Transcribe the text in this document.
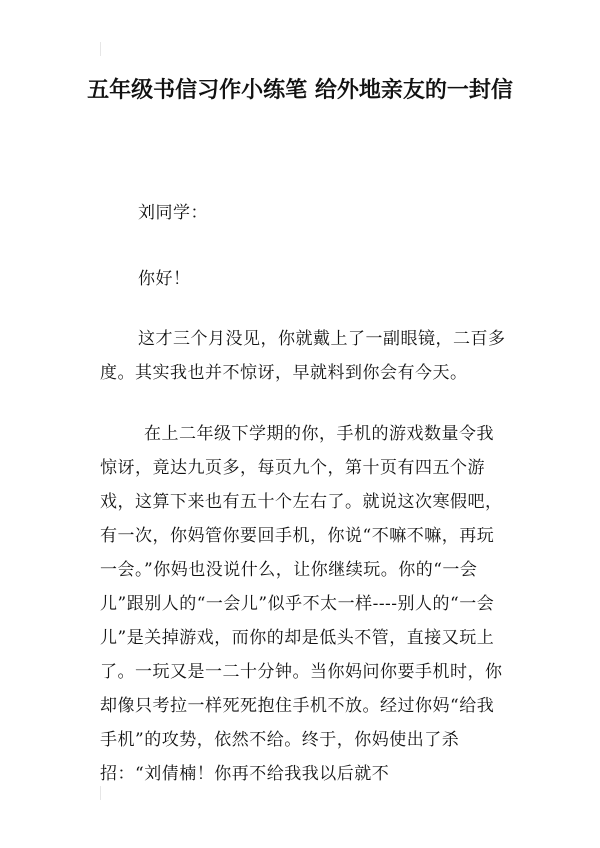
五年级书信习作小练笔 给外地亲友的一封信

刘同学：

你好！

这才三个月没见，你就戴上了一副眼镜，二百多度。其实我也并不惊讶，早就料到你会有今天。

在上二年级下学期的你，手机的游戏数量令我惊讶，竟达九页多，每页九个，第十页有四五个游戏，这算下来也有五十个左右了。就说这次寒假吧，有一次，你妈管你要回手机，你说“不嘛不嘛，再玩一会。”你妈也没说什么，让你继续玩。你的“一会儿”跟别人的“一会儿”似乎不太一样----别人的“一会儿”是关掉游戏，而你的却是低头不管，直接又玩上了。一玩又是一二十分钟。当你妈问你要手机时，你却像只考拉一样死死抱住手机不放。经过你妈“给我手机”的攻势，依然不给。终于，你妈使出了杀招：“刘倩楠！你再不给我我以后就不
